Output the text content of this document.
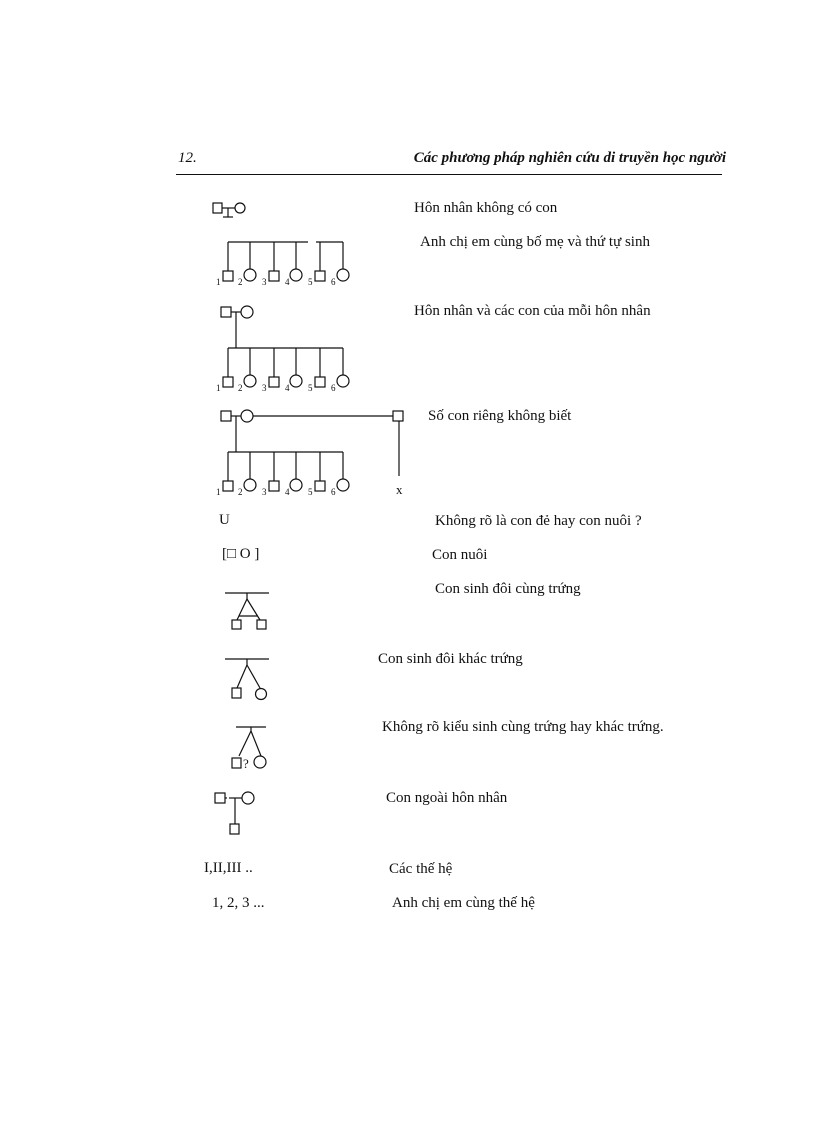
12.	Các phương pháp nghiên cứu di truyền học người
Hôn nhân không có con
1 2 3 4 5 6
Anh chị em cùng bố mẹ và thứ tự sinh
1 2 3 4 5 6
Hôn nhân và các con của mỗi hôn nhân
x
1 2 3 4 5 6
Số con riêng không biết
U	Không rõ là con đẻ hay con nuôi ?
[□ O ]	Con nuôi
Con sinh đôi cùng trứng
Con sinh đôi khác trứng
?
Không rõ kiểu sinh cùng trứng hay khác trứng.
Con ngoài hôn nhân
I,II,III ..	Các thế hệ
1, 2, 3 ...	Anh chị em cùng thế hệ
